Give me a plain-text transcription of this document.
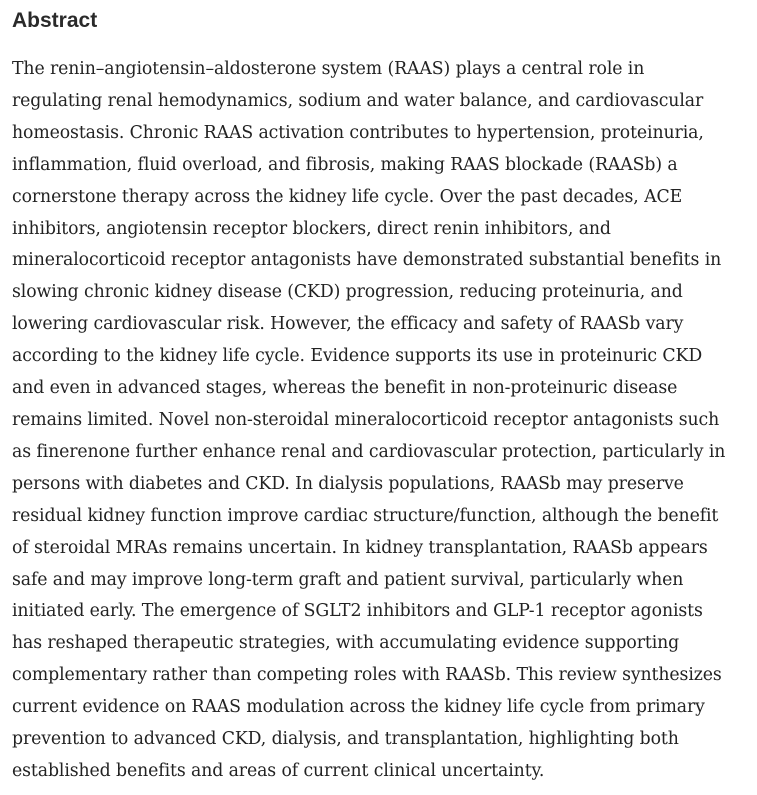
Abstract

The renin–angiotensin–aldosterone system (RAAS) plays a central role in
regulating renal hemodynamics, sodium and water balance, and cardiovascular
homeostasis. Chronic RAAS activation contributes to hypertension, proteinuria,
inflammation, fluid overload, and fibrosis, making RAAS blockade (RAASb) a
cornerstone therapy across the kidney life cycle. Over the past decades, ACE
inhibitors, angiotensin receptor blockers, direct renin inhibitors, and
mineralocorticoid receptor antagonists have demonstrated substantial benefits in
slowing chronic kidney disease (CKD) progression, reducing proteinuria, and
lowering cardiovascular risk. However, the efficacy and safety of RAASb vary
according to the kidney life cycle. Evidence supports its use in proteinuric CKD
and even in advanced stages, whereas the benefit in non-proteinuric disease
remains limited. Novel non-steroidal mineralocorticoid receptor antagonists such
as finerenone further enhance renal and cardiovascular protection, particularly in
persons with diabetes and CKD. In dialysis populations, RAASb may preserve
residual kidney function improve cardiac structure/function, although the benefit
of steroidal MRAs remains uncertain. In kidney transplantation, RAASb appears
safe and may improve long-term graft and patient survival, particularly when
initiated early. The emergence of SGLT2 inhibitors and GLP-1 receptor agonists
has reshaped therapeutic strategies, with accumulating evidence supporting
complementary rather than competing roles with RAASb. This review synthesizes
current evidence on RAAS modulation across the kidney life cycle from primary
prevention to advanced CKD, dialysis, and transplantation, highlighting both
established benefits and areas of current clinical uncertainty.
